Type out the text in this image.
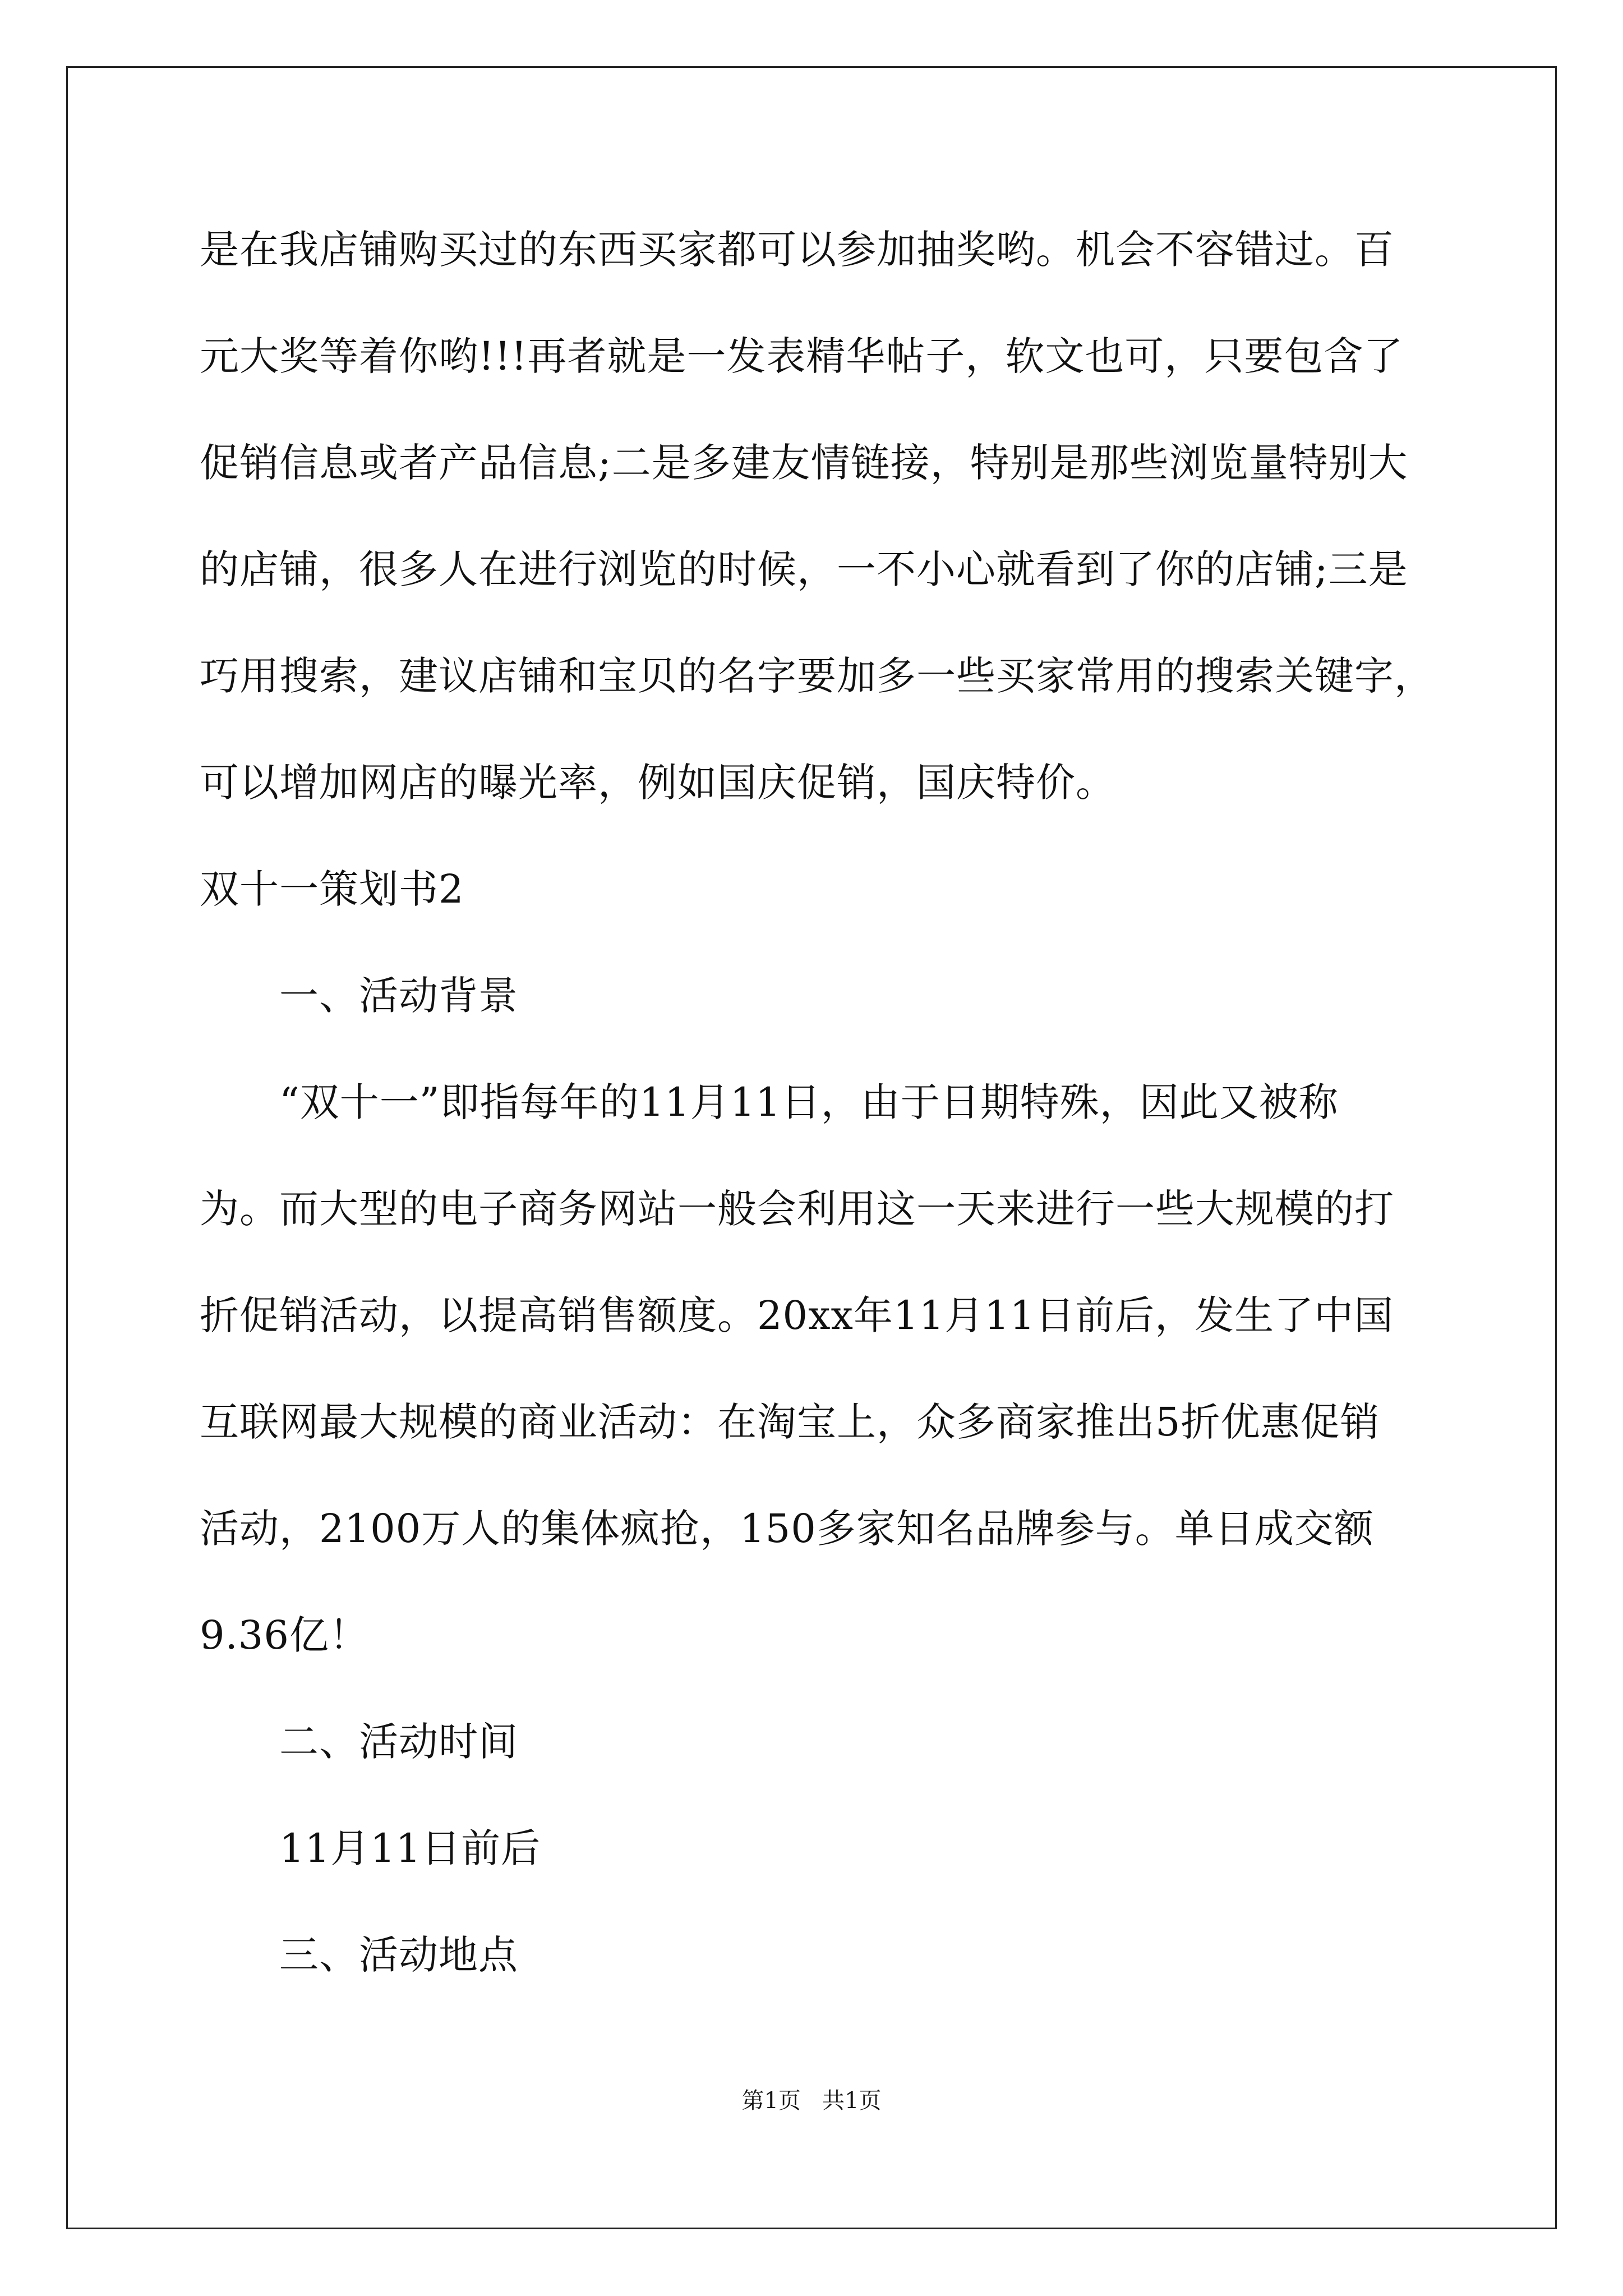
是在我店铺购买过的东西买家都可以参加抽奖哟。机会不容错过。百
元大奖等着你哟!!!再者就是一发表精华帖子，软文也可，只要包含了
促销信息或者产品信息;二是多建友情链接，特别是那些浏览量特别大
的店铺，很多人在进行浏览的时候，一不小心就看到了你的店铺;三是
巧用搜索，建议店铺和宝贝的名字要加多一些买家常用的搜索关键字，
可以增加网店的曝光率，例如国庆促销，国庆特价。
双十一策划书2
一、活动背景
“双十一”即指每年的11月11日，由于日期特殊，因此又被称
为。而大型的电子商务网站一般会利用这一天来进行一些大规模的打
折促销活动，以提高销售额度。20xx年11月11日前后，发生了中国
互联网最大规模的商业活动：在淘宝上，众多商家推出5折优惠促销
活动，2100万人的集体疯抢，150多家知名品牌参与。单日成交额
9.36亿！
二、活动时间
11月11日前后
三、活动地点
第1页   共1页
